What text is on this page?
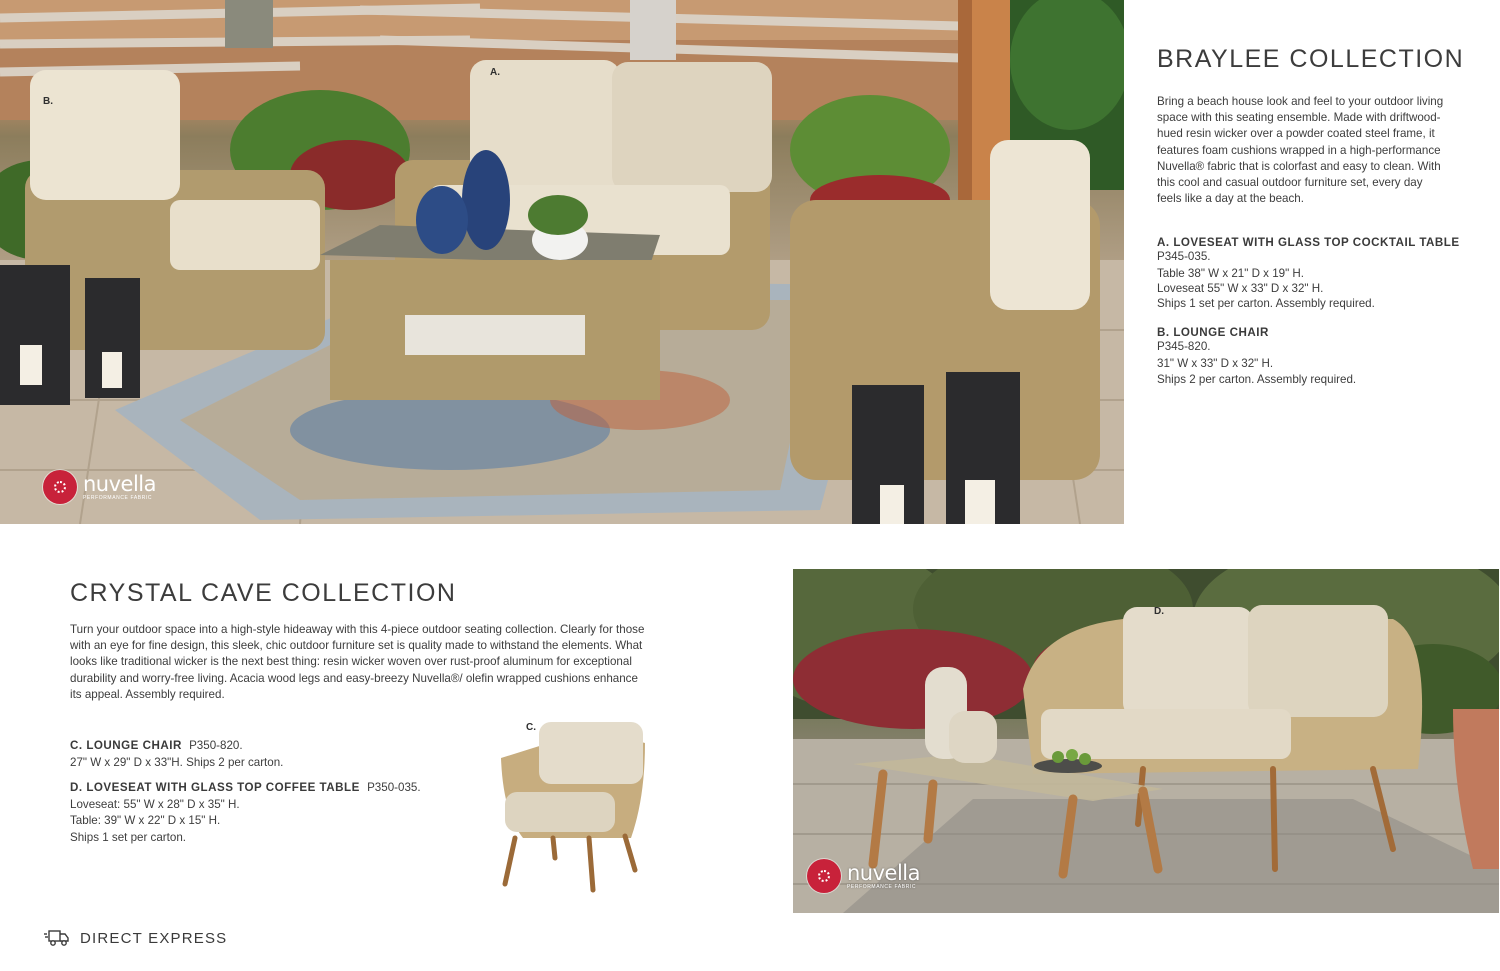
A.
B.
nuvella
PERFORMANCE FABRIC
BRAYLEE COLLECTION
Bring a beach house look and feel to your outdoor living space with this seating ensemble. Made with driftwood-hued resin wicker over a powder coated steel frame, it features foam cushions wrapped in a high-performance Nuvella® fabric that is colorfast and easy to clean. With this cool and casual outdoor furniture set, every day feels like a day at the beach.
A. LOVESEAT WITH GLASS TOP COCKTAIL TABLE
P345-035.
Table 38" W x 21" D x 19" H.
Loveseat 55" W x 33" D x 32" H.
Ships 1 set per carton. Assembly required.
B. LOUNGE CHAIR
P345-820.
31" W x 33" D x 32" H.
Ships 2 per carton. Assembly required.
CRYSTAL CAVE COLLECTION
Turn your outdoor space into a high-style hideaway with this 4-piece outdoor seating collection. Clearly for those with an eye for fine design, this sleek, chic outdoor furniture set is quality made to withstand the elements. What looks like traditional wicker is the next best thing: resin wicker woven over rust-proof aluminum for exceptional durability and worry-free living. Acacia wood legs and easy-breezy Nuvella®/ olefin wrapped cushions enhance its appeal. Assembly required.
C. LOUNGE CHAIR P350-820.
27" W x 29" D x 33"H. Ships 2 per carton.
D. LOVESEAT WITH GLASS TOP COFFEE TABLE P350-035.
Loveseat: 55" W x 28" D x 35" H.
Table: 39" W x 22" D x 15" H.
Ships 1 set per carton.
C.
D.
nuvella
PERFORMANCE FABRIC
DIRECT EXPRESS
